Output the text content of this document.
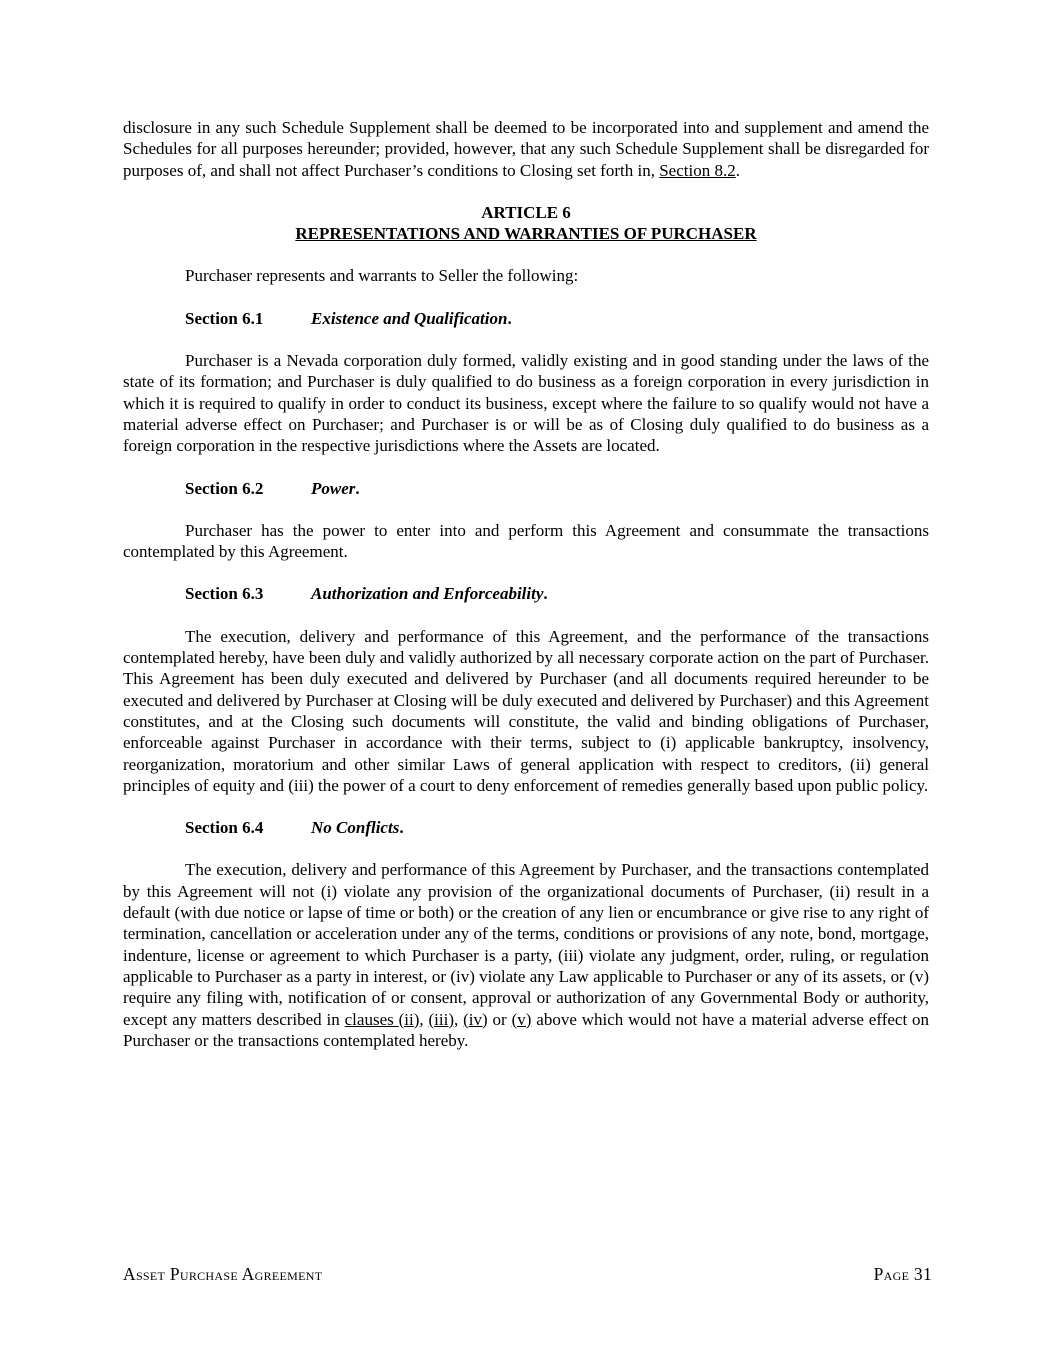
disclosure in any such Schedule Supplement shall be deemed to be incorporated into and supplement and amend the Schedules for all purposes hereunder; provided, however, that any such Schedule Supplement shall be disregarded for purposes of, and shall not affect Purchaser’s conditions to Closing set forth in, Section 8.2.

ARTICLE 6
REPRESENTATIONS AND WARRANTIES OF PURCHASER

Purchaser represents and warrants to Seller the following:

Section 6.1	Existence and Qualification.

Purchaser is a Nevada corporation duly formed, validly existing and in good standing under the laws of the state of its formation; and Purchaser is duly qualified to do business as a foreign corporation in every jurisdiction in which it is required to qualify in order to conduct its business, except where the failure to so qualify would not have a material adverse effect on Purchaser; and Purchaser is or will be as of Closing duly qualified to do business as a foreign corporation in the respective jurisdictions where the Assets are located.

Section 6.2	Power.

Purchaser has the power to enter into and perform this Agreement and consummate the transactions contemplated by this Agreement.

Section 6.3	Authorization and Enforceability.

The execution, delivery and performance of this Agreement, and the performance of the transactions contemplated hereby, have been duly and validly authorized by all necessary corporate action on the part of Purchaser. This Agreement has been duly executed and delivered by Purchaser (and all documents required hereunder to be executed and delivered by Purchaser at Closing will be duly executed and delivered by Purchaser) and this Agreement constitutes, and at the Closing such documents will constitute, the valid and binding obligations of Purchaser, enforceable against Purchaser in accordance with their terms, subject to (i) applicable bankruptcy, insolvency, reorganization, moratorium and other similar Laws of general application with respect to creditors, (ii) general principles of equity and (iii) the power of a court to deny enforcement of remedies generally based upon public policy.

Section 6.4	No Conflicts.

The execution, delivery and performance of this Agreement by Purchaser, and the transactions contemplated by this Agreement will not (i) violate any provision of the organizational documents of Purchaser, (ii) result in a default (with due notice or lapse of time or both) or the creation of any lien or encumbrance or give rise to any right of termination, cancellation or acceleration under any of the terms, conditions or provisions of any note, bond, mortgage, indenture, license or agreement to which Purchaser is a party, (iii) violate any judgment, order, ruling, or regulation applicable to Purchaser as a party in interest, or (iv) violate any Law applicable to Purchaser or any of its assets, or (v) require any filing with, notification of or consent, approval or authorization of any Governmental Body or authority, except any matters described in clauses (ii), (iii), (iv) or (v) above which would not have a material adverse effect on Purchaser or the transactions contemplated hereby.

Asset Purchase Agreement	Page 31
